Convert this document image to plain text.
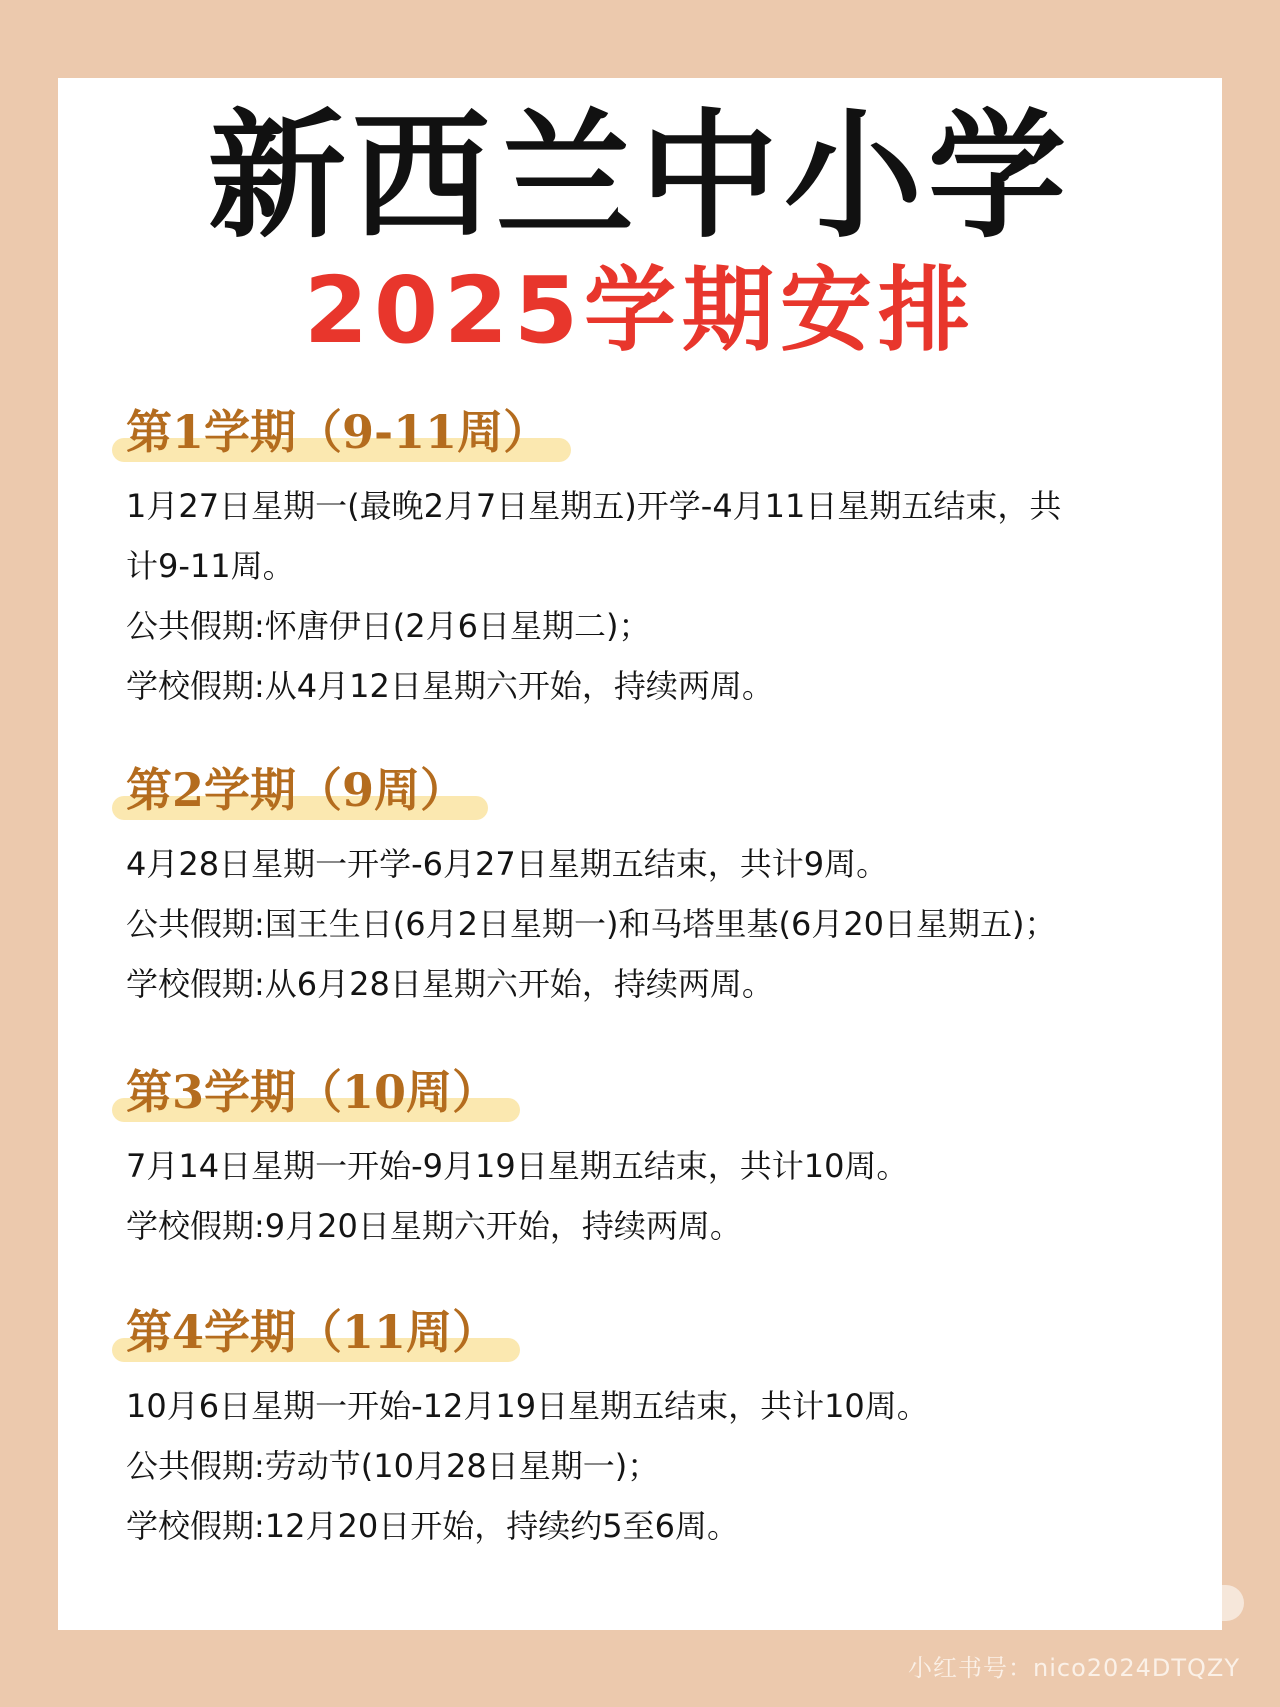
新西兰中小学
2025学期安排
第1学期（9-11周）

1月27日星期一(最晚2月7日星期五)开学-4月11日星期五结束，共

计9-11周。

公共假期:怀唐伊日(2月6日星期二)；

学校假期:从4月12日星期六开始，持续两周。

第2学期（9周）

4月28日星期一开学-6月27日星期五结束，共计9周。

公共假期:国王生日(6月2日星期一)和马塔里基(6月20日星期五)；

学校假期:从6月28日星期六开始，持续两周。

第3学期（10周）

7月14日星期一开始-9月19日星期五结束，共计10周。

学校假期:9月20日星期六开始，持续两周。

第4学期（11周）

10月6日星期一开始-12月19日星期五结束，共计10周。

公共假期:劳动节(10月28日星期一)；

学校假期:12月20日开始，持续约5至6周。

小红书号：nico2024DTQZY
